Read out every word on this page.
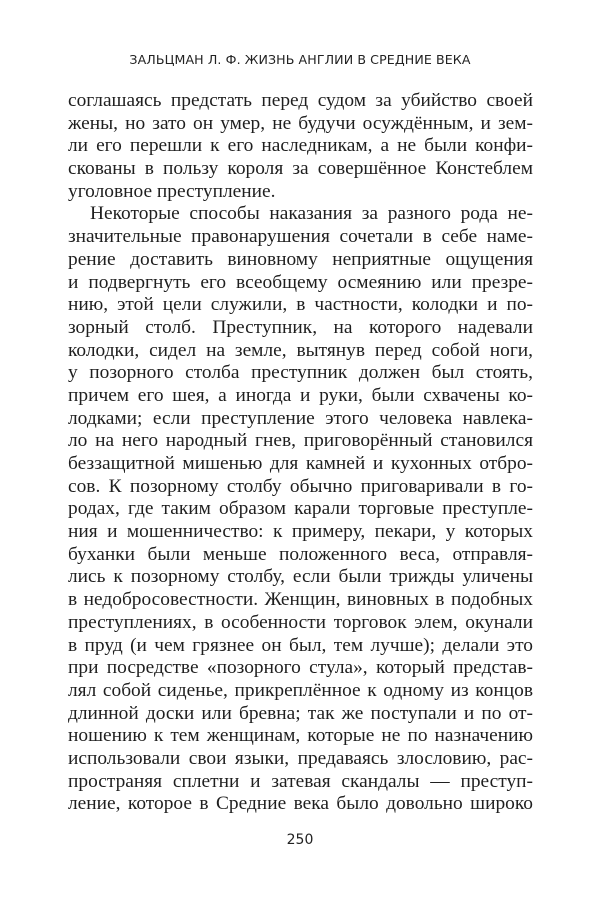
ЗАЛЬЦМАН Л. Ф. ЖИЗНЬ АНГЛИИ В СРЕДНИЕ ВЕКА
соглашаясь предстать перед судом за убийство своей
жены, но зато он умер, не будучи осуждённым, и зем-
ли его перешли к его наследникам, а не были конфи-
скованы в пользу короля за совершённое Констеблем
уголовное преступление.
Некоторые способы наказания за разного рода не-
значительные правонарушения сочетали в себе наме-
рение доставить виновному неприятные ощущения
и подвергнуть его всеобщему осмеянию или презре-
нию, этой цели служили, в частности, колодки и по-
зорный столб. Преступник, на которого надевали
колодки, сидел на земле, вытянув перед собой ноги,
у позорного столба преступник должен был стоять,
причем его шея, а иногда и руки, были схвачены ко-
лодками; если преступление этого человека навлека-
ло на него народный гнев, приговорённый становился
беззащитной мишенью для камней и кухонных отбро-
сов. К позорному столбу обычно приговаривали в го-
родах, где таким образом карали торговые преступле-
ния и мошенничество: к примеру, пекари, у которых
буханки были меньше положенного веса, отправля-
лись к позорному столбу, если были трижды уличены
в недобросовестности. Женщин, виновных в подобных
преступлениях, в особенности торговок элем, окунали
в пруд (и чем грязнее он был, тем лучше); делали это
при посредстве «позорного стула», который представ-
лял собой сиденье, прикреплённое к одному из концов
длинной доски или бревна; так же поступали и по от-
ношению к тем женщинам, которые не по назначению
использовали свои языки, предаваясь злословию, рас-
пространяя сплетни и затевая скандалы — преступ-
ление, которое в Средние века было довольно широко
250
